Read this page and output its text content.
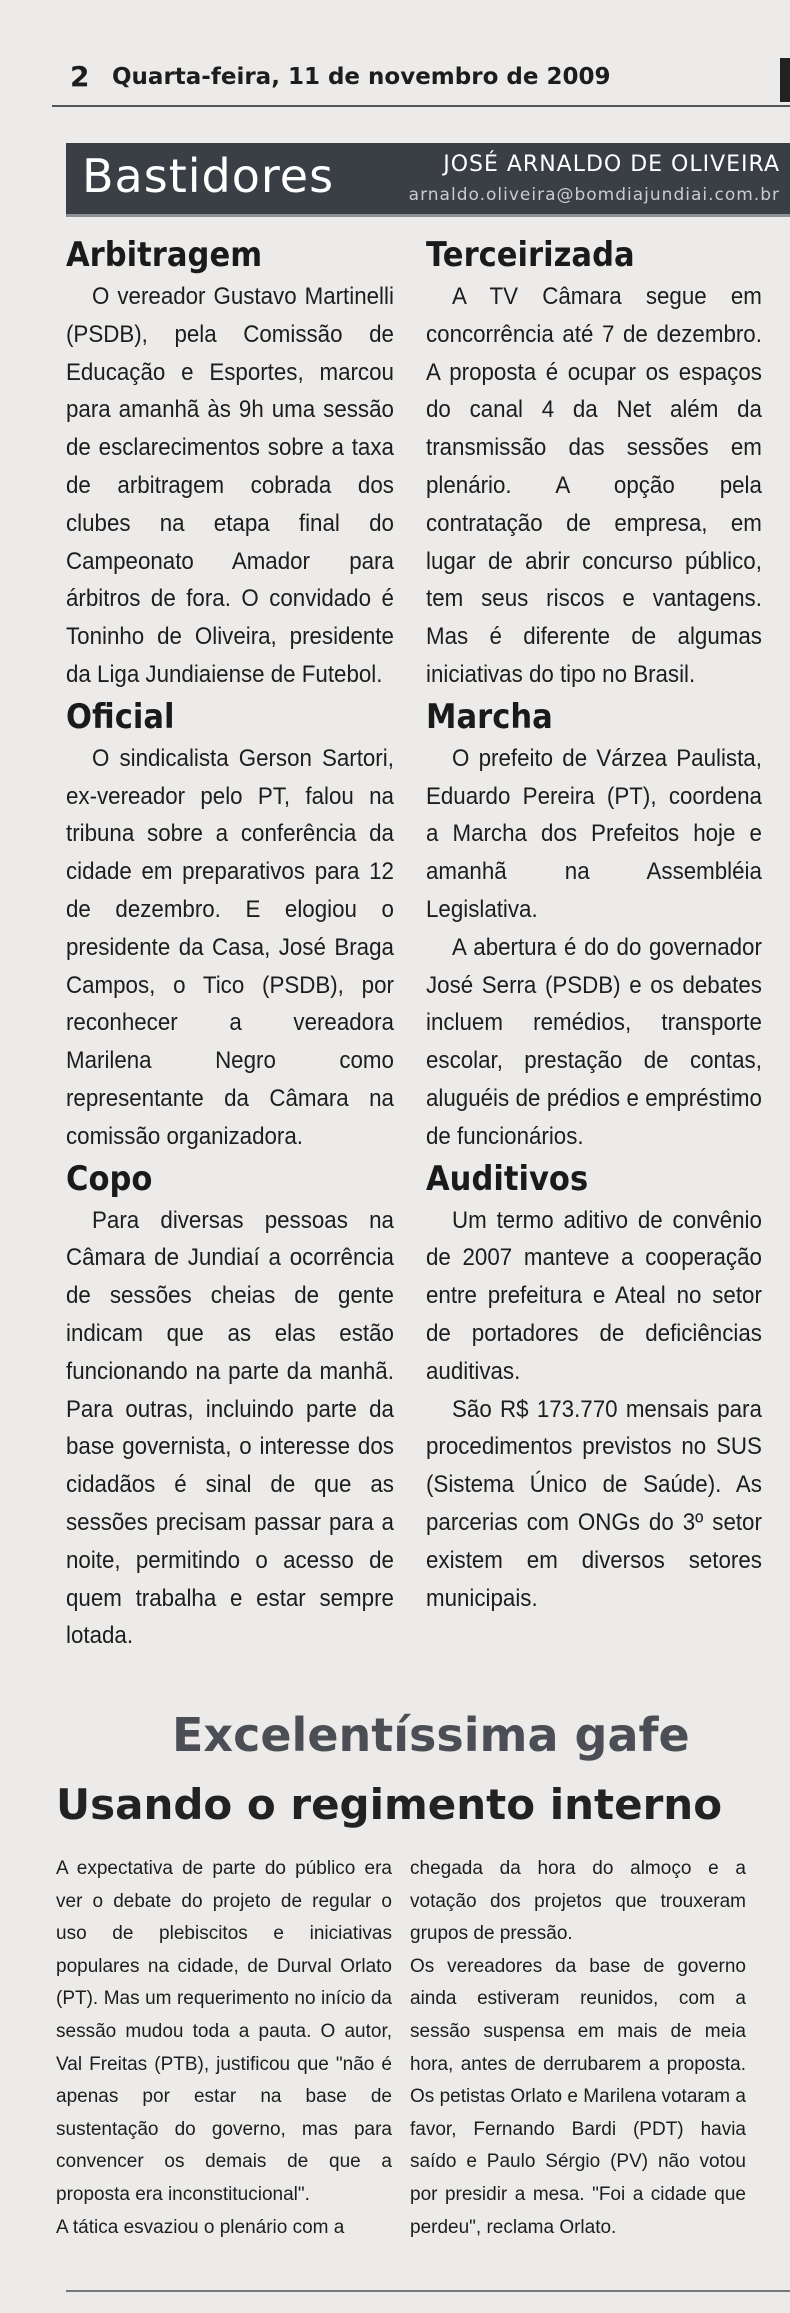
2 Quarta-feira, 11 de novembro de 2009
Bastidores	JOSÉ ARNALDO DE OLIVEIRA
arnaldo.oliveira@bomdiajundiai.com.br
Arbitragem

O vereador Gustavo Martinelli (PSDB), pela Comissão de Educação e Esportes, marcou para amanhã às 9h uma sessão de esclarecimentos sobre a taxa de arbitragem cobrada dos clubes na etapa final do Campeonato Amador para árbitros de fora. O convidado é Toninho de Oliveira, presidente da Liga Jundiaiense de Futebol.

Oficial

O sindicalista Gerson Sartori, ex-vereador pelo PT, falou na tribuna sobre a conferência da cidade em preparativos para 12 de dezembro. E elogiou o presidente da Casa, José Braga Campos, o Tico (PSDB), por reconhecer a vereadora Marilena Negro como representante da Câmara na comissão organizadora.

Copo

Para diversas pessoas na Câmara de Jundiaí a ocorrência de sessões cheias de gente indicam que as elas estão funcionando na parte da manhã. Para outras, incluindo parte da base governista, o interesse dos cidadãos é sinal de que as sessões precisam passar para a noite, permitindo o acesso de quem trabalha e estar sempre lotada.

Terceirizada

A TV Câmara segue em concorrência até 7 de dezembro. A proposta é ocupar os espaços do canal 4 da Net além da transmissão das sessões em plenário. A opção pela contratação de empresa, em lugar de abrir concurso público, tem seus riscos e vantagens. Mas é diferente de algumas iniciativas do tipo no Brasil.

Marcha

O prefeito de Várzea Paulista, Eduardo Pereira (PT), coordena a Marcha dos Prefeitos hoje e amanhã na Assembléia Legislativa.

A abertura é do do governador José Serra (PSDB) e os debates incluem remédios, transporte escolar, prestação de contas, aluguéis de prédios e empréstimo de funcionários.

Auditivos

Um termo aditivo de convênio de 2007 manteve a cooperação entre prefeitura e Ateal no setor de portadores de deficiências auditivas.

São R$ 173.770 mensais para procedimentos previstos no SUS (Sistema Único de Saúde). As parcerias com ONGs do 3º setor existem em diversos setores municipais.

Excelentíssima gafe
Usando o regimento interno

A expectativa de parte do público era ver o debate do projeto de regular o uso de plebiscitos e iniciativas populares na cidade, de Durval Orlato (PT). Mas um requerimento no início da sessão mudou toda a pauta. O autor, Val Freitas (PTB), justificou que "não é apenas por estar na base de sustentação do governo, mas para convencer os demais de que a proposta era inconstitucional".

A tática esvaziou o plenário com a

chegada da hora do almoço e a votação dos projetos que trouxeram grupos de pressão.

Os vereadores da base de governo ainda estiveram reunidos, com a sessão suspensa em mais de meia hora, antes de derrubarem a proposta. Os petistas Orlato e Marilena votaram a favor, Fernando Bardi (PDT) havia saído e Paulo Sérgio (PV) não votou por presidir a mesa. "Foi a cidade que perdeu", reclama Orlato.
